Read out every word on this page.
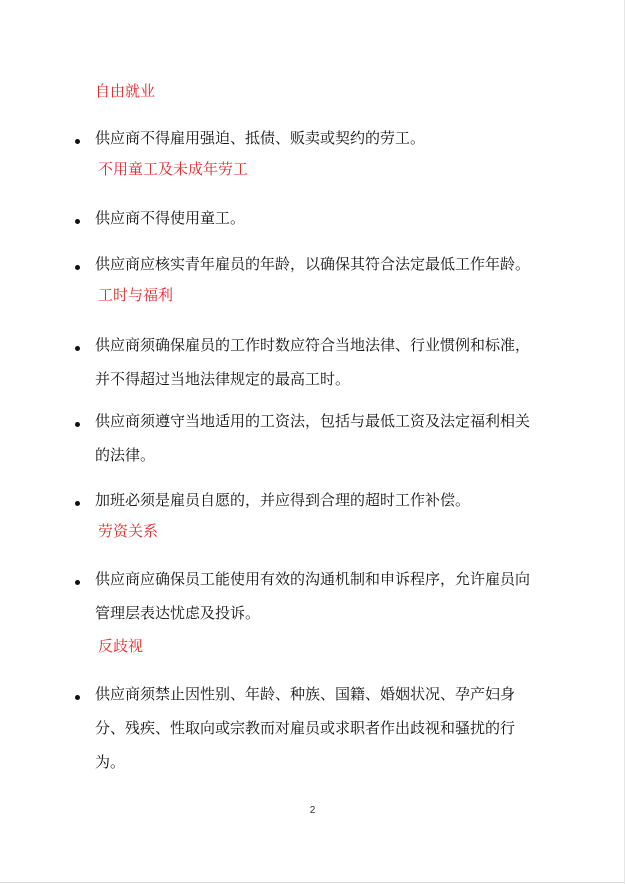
自由就业
供应商不得雇用强迫、抵债、贩卖或契约的劳工。
不用童工及未成年劳工
供应商不得使用童工。
供应商应核实青年雇员的年龄，以确保其符合法定最低工作年龄。
工时与福利
供应商须确保雇员的工作时数应符合当地法律、行业惯例和标准，
并不得超过当地法律规定的最高工时。
供应商须遵守当地适用的工资法，包括与最低工资及法定福利相关
的法律。
加班必须是雇员自愿的，并应得到合理的超时工作补偿。
劳资关系
供应商应确保员工能使用有效的沟通机制和申诉程序，允许雇员向
管理层表达忧虑及投诉。
反歧视
供应商须禁止因性别、年龄、种族、国籍、婚姻状况、孕产妇身
分、残疾、性取向或宗教而对雇员或求职者作出歧视和骚扰的行
为。
2
